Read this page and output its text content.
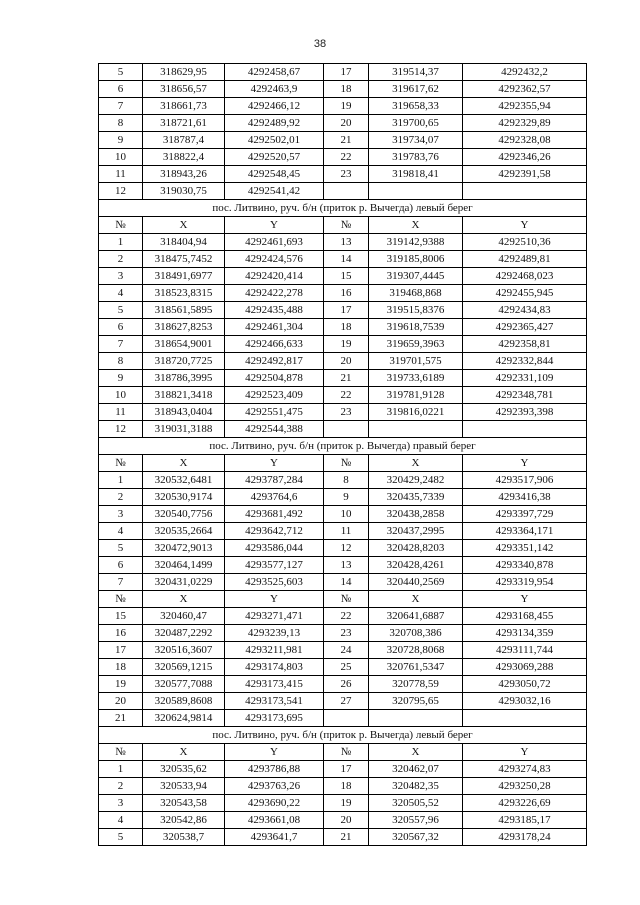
38
5	318629,95	4292458,67	17	319514,37	4292432,2
6	318656,57	4292463,9	18	319617,62	4292362,57
7	318661,73	4292466,12	19	319658,33	4292355,94
8	318721,61	4292489,92	20	319700,65	4292329,89
9	318787,4	4292502,01	21	319734,07	4292328,08
10	318822,4	4292520,57	22	319783,76	4292346,26
11	318943,26	4292548,45	23	319818,41	4292391,58
12	319030,75	4292541,42			
пос. Литвино, руч. б/н (приток р. Вычегда) левый берег					
№	X	Y	№	X	Y
1	318404,94	4292461,693	13	319142,9388	4292510,36
2	318475,7452	4292424,576	14	319185,8006	4292489,81
3	318491,6977	4292420,414	15	319307,4445	4292468,023
4	318523,8315	4292422,278	16	319468,868	4292455,945
5	318561,5895	4292435,488	17	319515,8376	4292434,83
6	318627,8253	4292461,304	18	319618,7539	4292365,427
7	318654,9001	4292466,633	19	319659,3963	4292358,81
8	318720,7725	4292492,817	20	319701,575	4292332,844
9	318786,3995	4292504,878	21	319733,6189	4292331,109
10	318821,3418	4292523,409	22	319781,9128	4292348,781
11	318943,0404	4292551,475	23	319816,0221	4292393,398
12	319031,3188	4292544,388			
пос. Литвино, руч. б/н (приток р. Вычегда) правый берег					
№	X	Y	№	X	Y
1	320532,6481	4293787,284	8	320429,2482	4293517,906
2	320530,9174	4293764,6	9	320435,7339	4293416,38
3	320540,7756	4293681,492	10	320438,2858	4293397,729
4	320535,2664	4293642,712	11	320437,2995	4293364,171
5	320472,9013	4293586,044	12	320428,8203	4293351,142
6	320464,1499	4293577,127	13	320428,4261	4293340,878
7	320431,0229	4293525,603	14	320440,2569	4293319,954
№	X	Y	№	X	Y
15	320460,47	4293271,471	22	320641,6887	4293168,455
16	320487,2292	4293239,13	23	320708,386	4293134,359
17	320516,3607	4293211,981	24	320728,8068	4293111,744
18	320569,1215	4293174,803	25	320761,5347	4293069,288
19	320577,7088	4293173,415	26	320778,59	4293050,72
20	320589,8608	4293173,541	27	320795,65	4293032,16
21	320624,9814	4293173,695			
пос. Литвино, руч. б/н (приток р. Вычегда) левый берег					
№	X	Y	№	X	Y
1	320535,62	4293786,88	17	320462,07	4293274,83
2	320533,94	4293763,26	18	320482,35	4293250,28
3	320543,58	4293690,22	19	320505,52	4293226,69
4	320542,86	4293661,08	20	320557,96	4293185,17
5	320538,7	4293641,7	21	320567,32	4293178,24
